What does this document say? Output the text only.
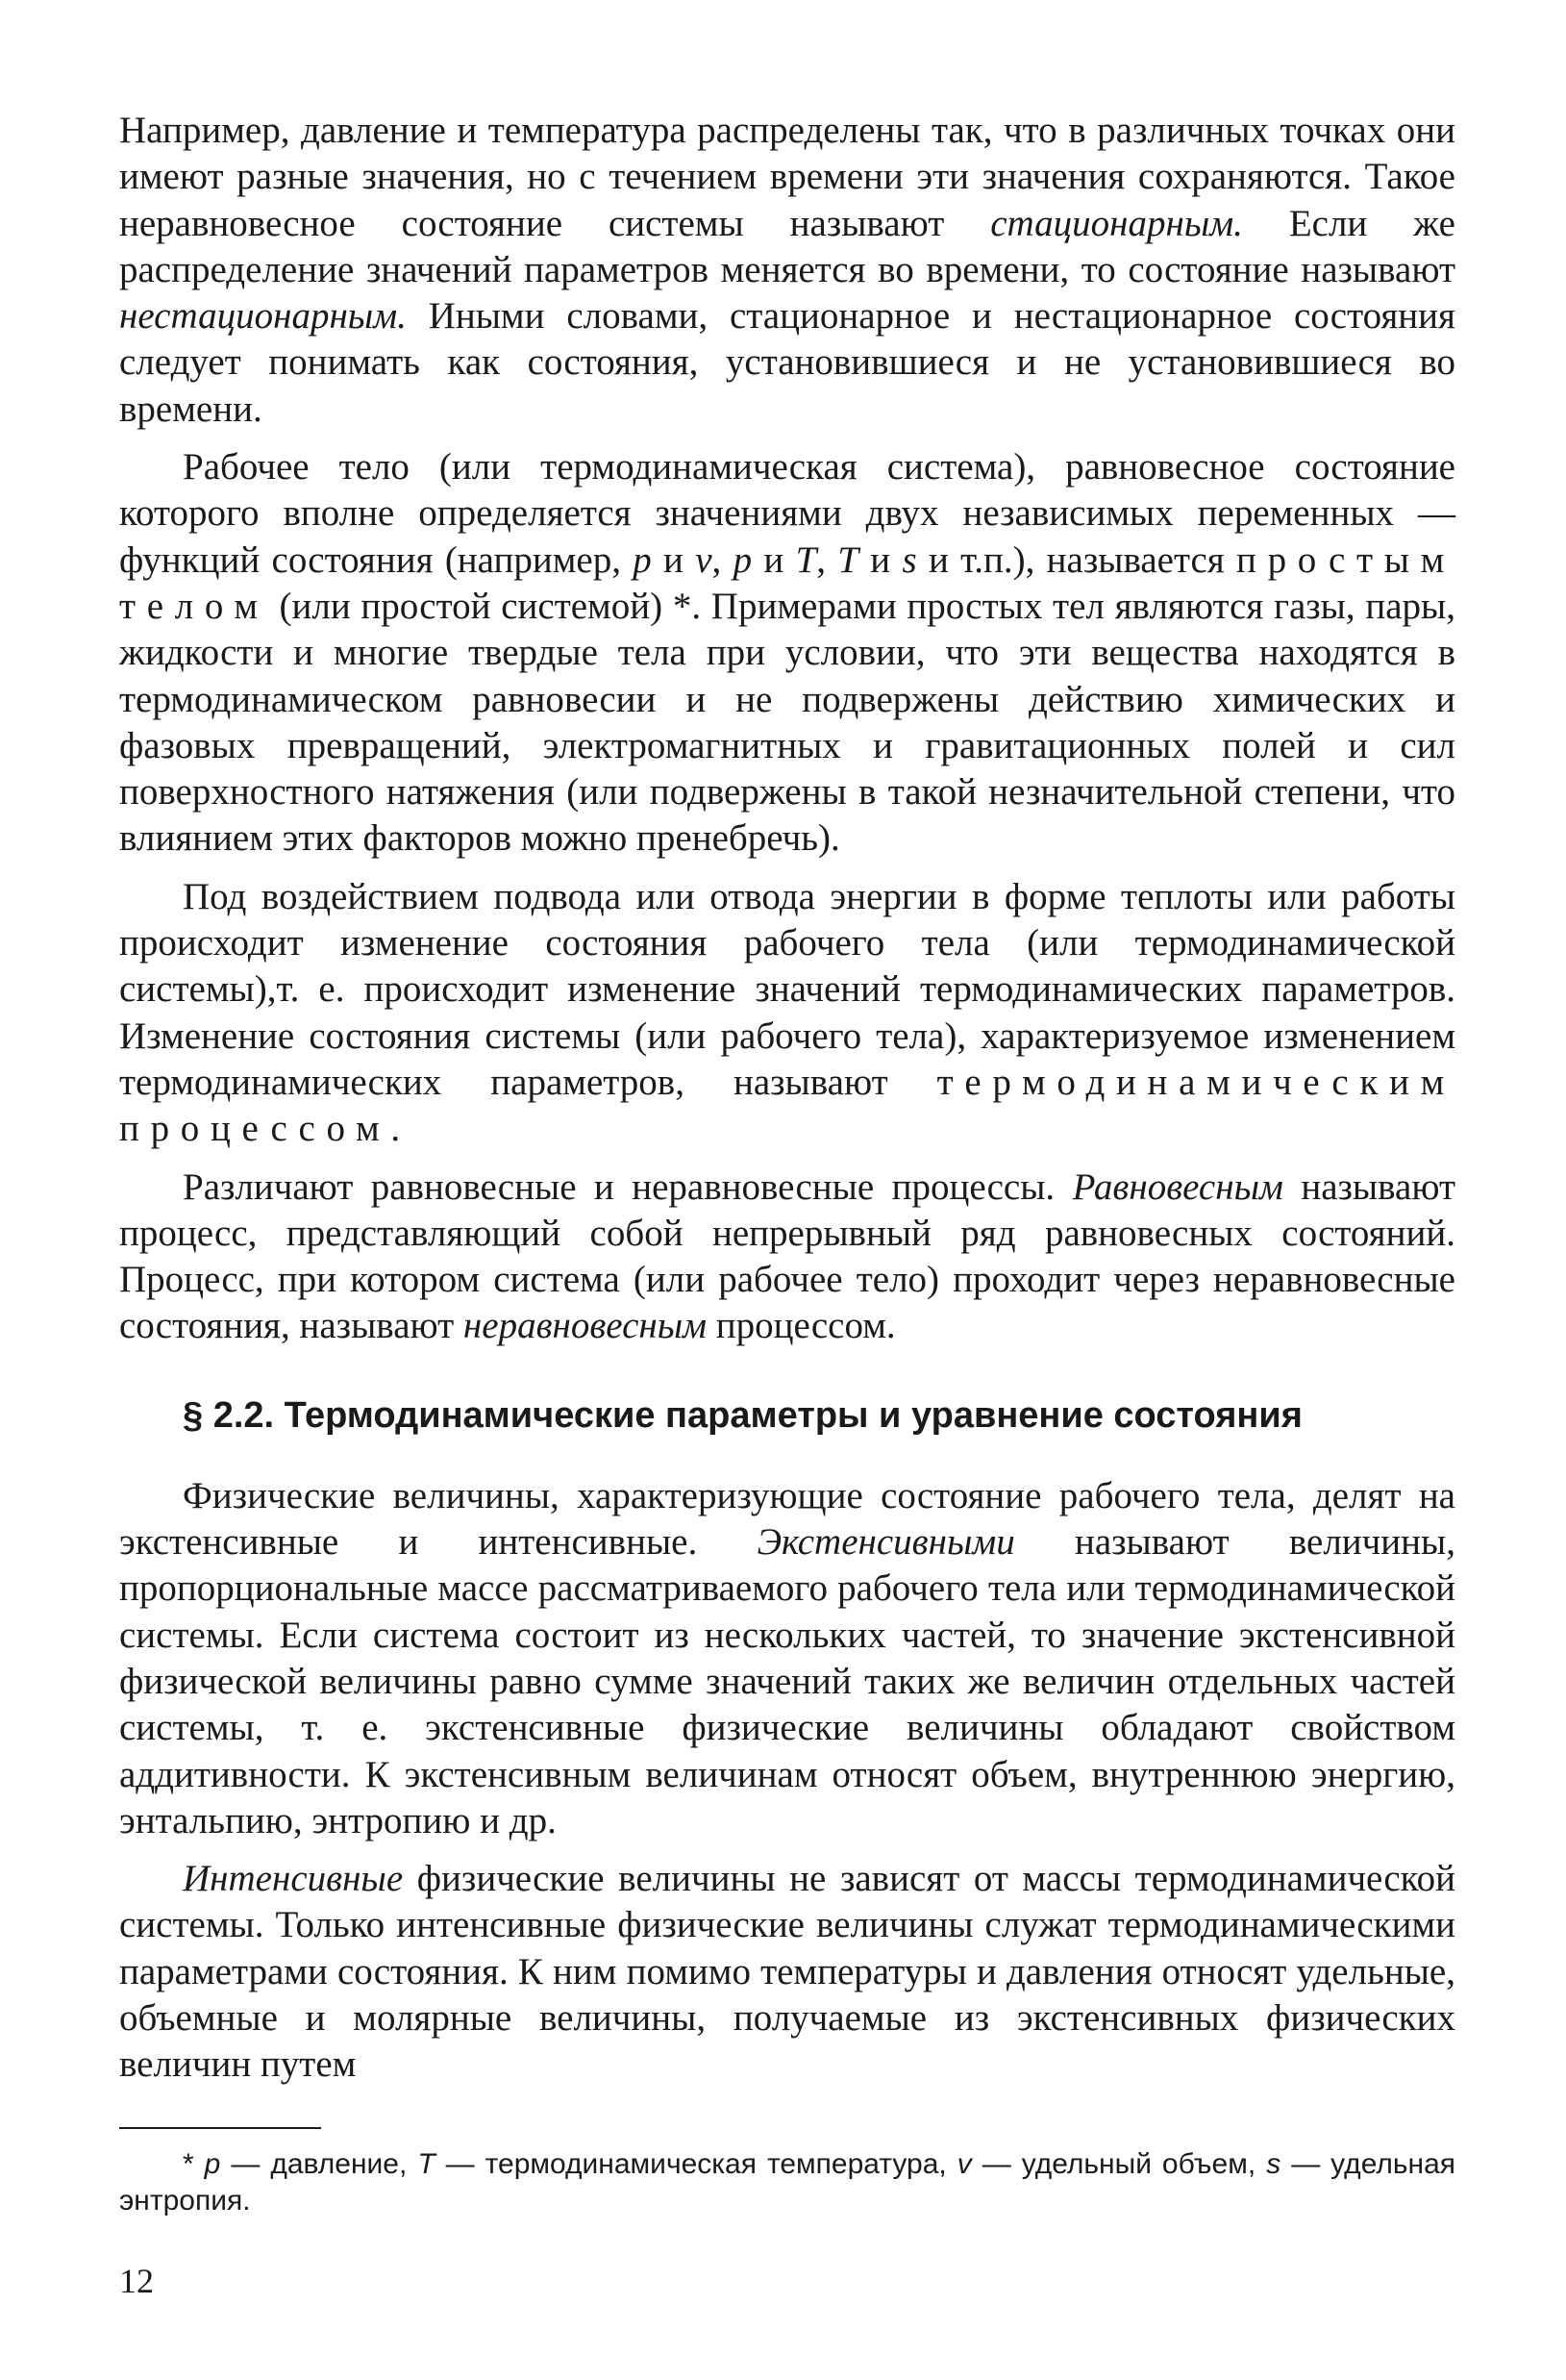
Например, давление и температура распределены так, что в различных точках они имеют разные значения, но с течением времени эти значения сохраняются. Такое неравновесное состояние системы называют стационарным. Если же распределение значений параметров меняется во времени, то состояние называют нестационарным. Иными словами, стационарное и нестационарное состояния следует понимать как состояния, установившиеся и не установившиеся во времени.

Рабочее тело (или термодинамическая система), равновесное состояние которого вполне определяется значениями двух независимых переменных — функций состояния (например, p и v, p и T, T и s и т.п.), называется простым телом (или простой системой) *. Примерами простых тел являются газы, пары, жидкости и многие твердые тела при условии, что эти вещества находятся в термодинамическом равновесии и не подвержены действию химических и фазовых превращений, электромагнитных и гравитационных полей и сил поверхностного натяжения (или подвержены в такой незначительной степени, что влиянием этих факторов можно пренебречь).

Под воздействием подвода или отвода энергии в форме теплоты или работы происходит изменение состояния рабочего тела (или термодинамической системы),т. е. происходит изменение значений термодинамических параметров. Изменение состояния системы (или рабочего тела), характеризуемое изменением термодинамических параметров, называют термодинамическим процессом.

Различают равновесные и неравновесные процессы. Равновесным называют процесс, представляющий собой непрерывный ряд равновесных состояний. Процесс, при котором система (или рабочее тело) проходит через неравновесные состояния, называют неравновесным процессом.

§ 2.2. Термодинамические параметры и уравнение состояния

Физические величины, характеризующие состояние рабочего тела, делят на экстенсивные и интенсивные. Экстенсивными называют величины, пропорциональные массе рассматриваемого рабочего тела или термодинамической системы. Если система состоит из нескольких частей, то значение экстенсивной физической величины равно сумме значений таких же величин отдельных частей системы, т. е. экстенсивные физические величины обладают свойством аддитивности. К экстенсивным величинам относят объем, внутреннюю энергию, энтальпию, энтропию и др.

Интенсивные физические величины не зависят от массы термодинамической системы. Только интенсивные физические величины служат термодинамическими параметрами состояния. К ним помимо температуры и давления относят удельные, объемные и молярные величины, получаемые из экстенсивных физических величин путем

* p — давление, T — термодинамическая температура, v — удельный объем, s — удельная энтропия.

12
